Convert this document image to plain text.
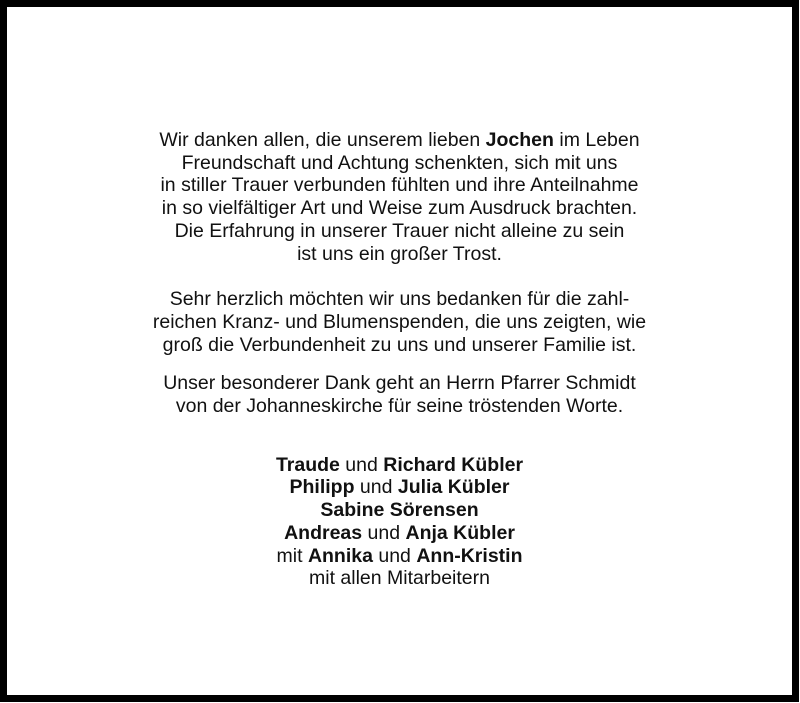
Wir danken allen, die unserem lieben Jochen im Leben
Freundschaft und Achtung schenkten, sich mit uns
in stiller Trauer verbunden fühlten und ihre Anteilnahme
in so vielfältiger Art und Weise zum Ausdruck brachten.
Die Erfahrung in unserer Trauer nicht alleine zu sein
ist uns ein großer Trost.

Sehr herzlich möchten wir uns bedanken für die zahl-
reichen Kranz- und Blumenspenden, die uns zeigten, wie
groß die Verbundenheit zu uns und unserer Familie ist.

Unser besonderer Dank geht an Herrn Pfarrer Schmidt
von der Johanneskirche für seine tröstenden Worte.

Traude und Richard Kübler
Philipp und Julia Kübler
Sabine Sörensen
Andreas und Anja Kübler
mit Annika und Ann-Kristin
mit allen Mitarbeitern
